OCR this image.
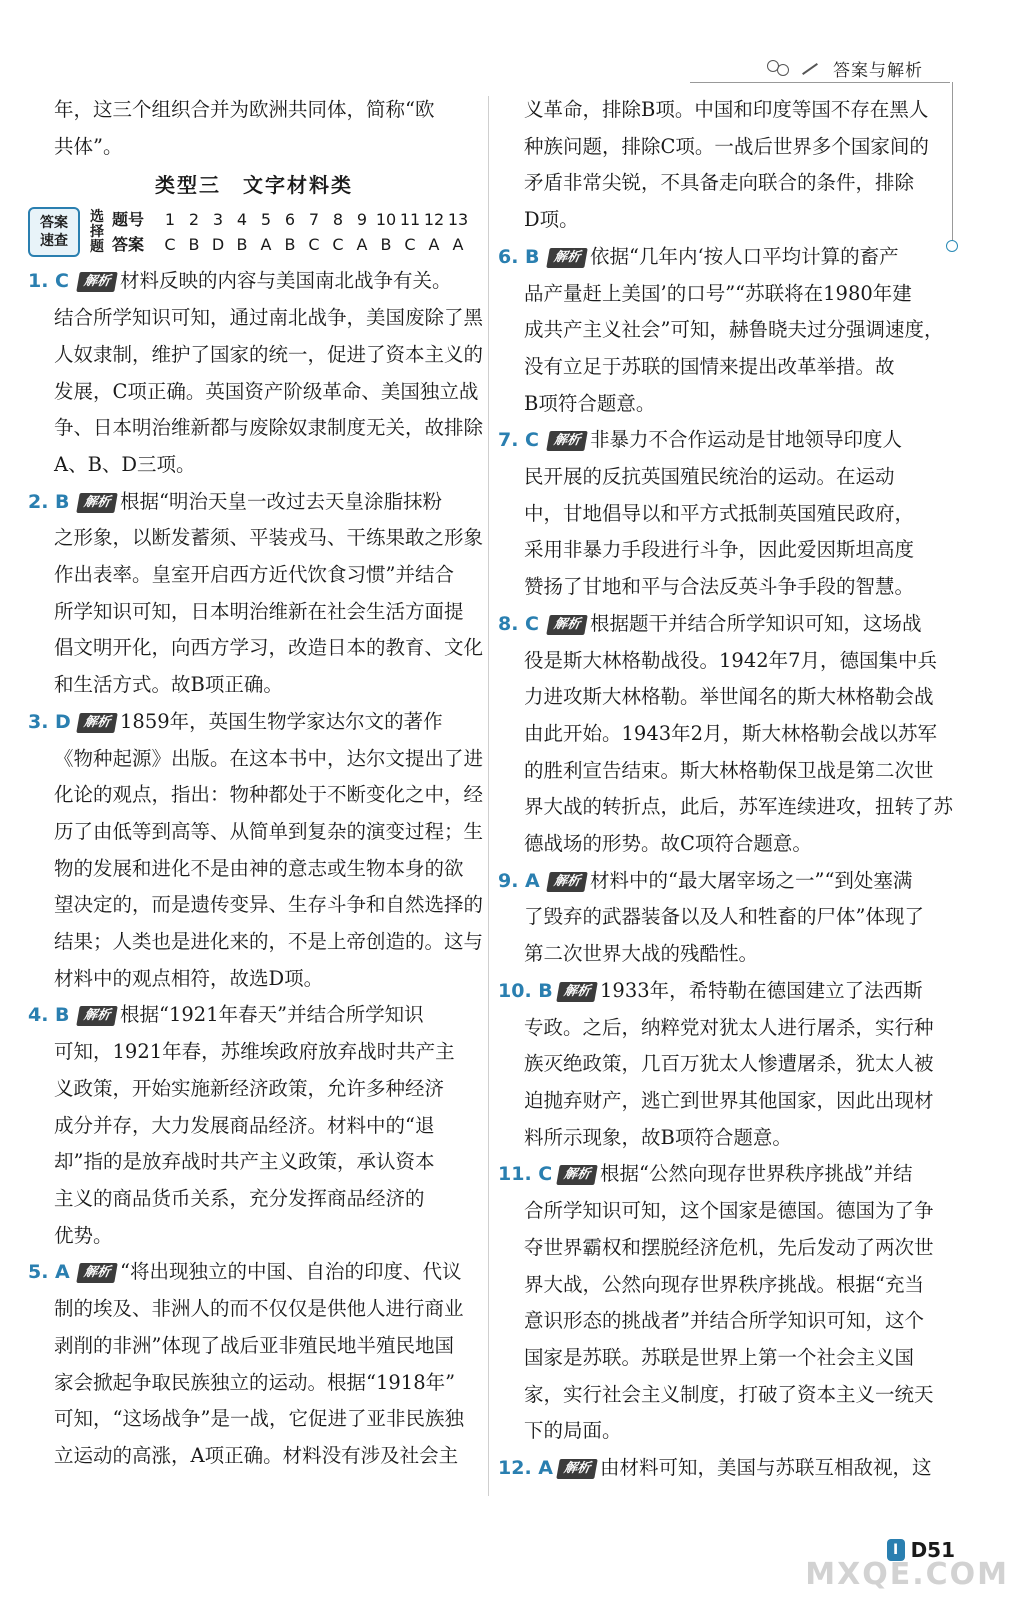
答案与解析
年，这三个组织合并为欧洲共同体，简称“欧
共体”。
类型三　文字材料类
答案
速查
选择题
题号	1 2 3 4 5 6 7 8 9 10 11 12 13
答案	C B D B A B C C A B C A A
1. C 解析 材料反映的内容与美国南北战争有关。
结合所学知识可知，通过南北战争，美国废除了黑
人奴隶制，维护了国家的统一，促进了资本主义的
发展，C项正确。英国资产阶级革命、美国独立战
争、日本明治维新都与废除奴隶制度无关，故排除
A、B、D三项。
2. B 解析 根据“明治天皇一改过去天皇涂脂抹粉
之形象，以断发蓄须、平装戎马、干练果敢之形象
作出表率。皇室开启西方近代饮食习惯”并结合
所学知识可知，日本明治维新在社会生活方面提
倡文明开化，向西方学习，改造日本的教育、文化
和生活方式。故B项正确。
3. D 解析 1859年，英国生物学家达尔文的著作
《物种起源》出版。在这本书中，达尔文提出了进
化论的观点，指出：物种都处于不断变化之中，经
历了由低等到高等、从简单到复杂的演变过程；生
物的发展和进化不是由神的意志或生物本身的欲
望决定的，而是遗传变异、生存斗争和自然选择的
结果；人类也是进化来的，不是上帝创造的。这与
材料中的观点相符，故选D项。
4. B 解析 根据“1921年春天”并结合所学知识
可知，1921年春，苏维埃政府放弃战时共产主
义政策，开始实施新经济政策，允许多种经济
成分并存，大力发展商品经济。材料中的“退
却”指的是放弃战时共产主义政策，承认资本
主义的商品货币关系，充分发挥商品经济的
优势。
5. A 解析 “将出现独立的中国、自治的印度、代议
制的埃及、非洲人的而不仅仅是供他人进行商业
剥削的非洲”体现了战后亚非殖民地半殖民地国
家会掀起争取民族独立的运动。根据“1918年”
可知，“这场战争”是一战，它促进了亚非民族独
立运动的高涨，A项正确。材料没有涉及社会主
义革命，排除B项。中国和印度等国不存在黑人
种族问题，排除C项。一战后世界多个国家间的
矛盾非常尖锐，不具备走向联合的条件，排除
D项。
6. B 解析 依据“几年内‘按人口平均计算的畜产
品产量赶上美国’的口号”“苏联将在1980年建
成共产主义社会”可知，赫鲁晓夫过分强调速度，
没有立足于苏联的国情来提出改革举措。故
B项符合题意。
7. C 解析 非暴力不合作运动是甘地领导印度人
民开展的反抗英国殖民统治的运动。在运动
中，甘地倡导以和平方式抵制英国殖民政府，
采用非暴力手段进行斗争，因此爱因斯坦高度
赞扬了甘地和平与合法反英斗争手段的智慧。
8. C 解析 根据题干并结合所学知识可知，这场战
役是斯大林格勒战役。1942年7月，德国集中兵
力进攻斯大林格勒。举世闻名的斯大林格勒会战
由此开始。1943年2月，斯大林格勒会战以苏军
的胜利宣告结束。斯大林格勒保卫战是第二次世
界大战的转折点，此后，苏军连续进攻，扭转了苏
德战场的形势。故C项符合题意。
9. A 解析 材料中的“最大屠宰场之一”“到处塞满
了毁弃的武器装备以及人和牲畜的尸体”体现了
第二次世界大战的残酷性。
10. B 解析 1933年，希特勒在德国建立了法西斯
专政。之后，纳粹党对犹太人进行屠杀，实行种
族灭绝政策，几百万犹太人惨遭屠杀，犹太人被
迫抛弃财产，逃亡到世界其他国家，因此出现材
料所示现象，故B项符合题意。
11. C 解析 根据“公然向现存世界秩序挑战”并结
合所学知识可知，这个国家是德国。德国为了争
夺世界霸权和摆脱经济危机，先后发动了两次世
界大战，公然向现存世界秩序挑战。根据“充当
意识形态的挑战者”并结合所学知识可知，这个
国家是苏联。苏联是世界上第一个社会主义国
家，实行社会主义制度，打破了资本主义一统天
下的局面。
12. A 解析 由材料可知，美国与苏联互相敌视，这
I D51
MXQE.COM
